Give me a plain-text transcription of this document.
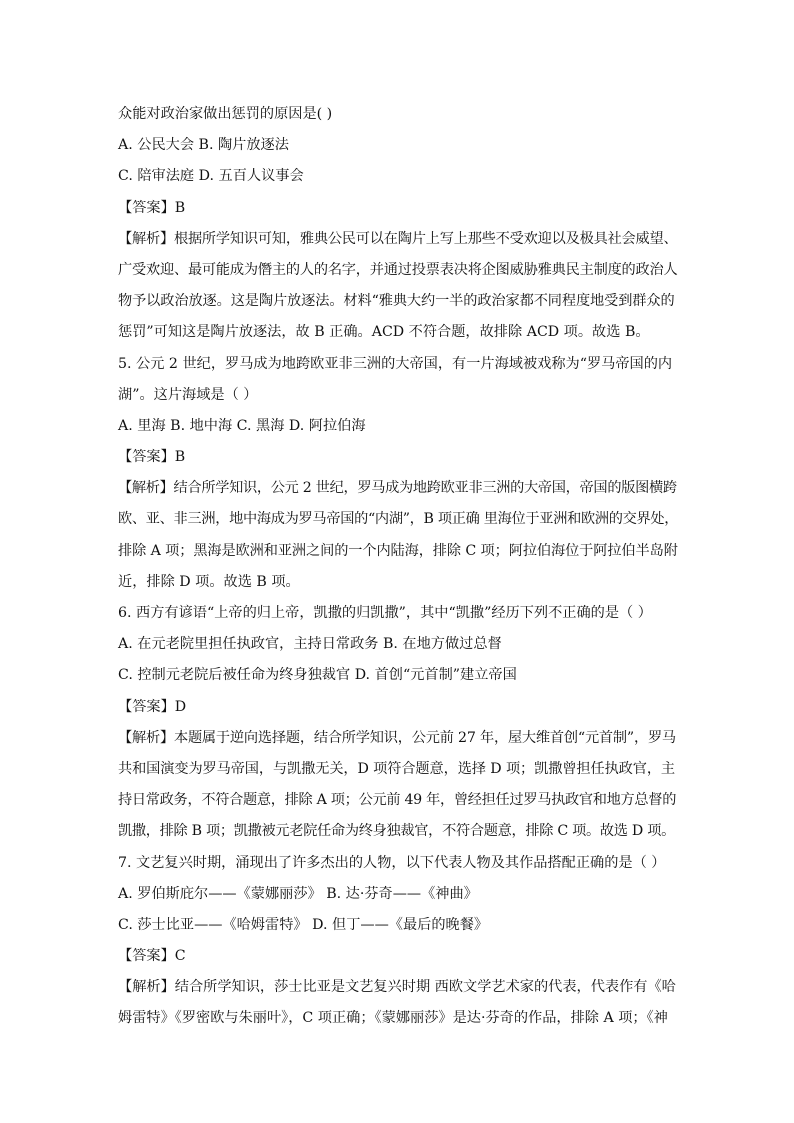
众能对政治家做出惩罚的原因是( )
A. 公民大会 B. 陶片放逐法
C. 陪审法庭 D. 五百人议事会
【答案】B
【解析】根据所学知识可知，雅典公民可以在陶片上写上那些不受欢迎以及极具社会威望、
广受欢迎、最可能成为僭主的人的名字，并通过投票表决将企图威胁雅典民主制度的政治人
物予以政治放逐。这是陶片放逐法。材料“雅典大约一半的政治家都不同程度地受到群众的
惩罚”可知这是陶片放逐法，故 B 正确。ACD 不符合题，故排除 ACD 项。故选 B。
5. 公元 2 世纪，罗马成为地跨欧亚非三洲的大帝国，有一片海域被戏称为“罗马帝国的内
湖”。这片海域是（ ）
A. 里海 B. 地中海 C. 黑海 D. 阿拉伯海
【答案】B
【解析】结合所学知识，公元 2 世纪，罗马成为地跨欧亚非三洲的大帝国，帝国的版图横跨
欧、亚、非三洲，地中海成为罗马帝国的“内湖”，B 项正确 里海位于亚洲和欧洲的交界处，
排除 A 项；黑海是欧洲和亚洲之间的一个内陆海，排除 C 项；阿拉伯海位于阿拉伯半岛附
近，排除 D 项。故选 B 项。
6. 西方有谚语“上帝的归上帝，凯撒的归凯撒”，其中“凯撒”经历下列不正确的是（ ）
A. 在元老院里担任执政官，主持日常政务 B. 在地方做过总督
C. 控制元老院后被任命为终身独裁官 D. 首创“元首制”建立帝国
【答案】D
【解析】本题属于逆向选择题，结合所学知识，公元前 27 年，屋大维首创“元首制”，罗马
共和国演变为罗马帝国，与凯撒无关，D 项符合题意，选择 D 项；凯撒曾担任执政官，主
持日常政务，不符合题意，排除 A 项；公元前 49 年，曾经担任过罗马执政官和地方总督的
凯撒，排除 B 项；凯撒被元老院任命为终身独裁官，不符合题意，排除 C 项。故选 D 项。
7. 文艺复兴时期，涌现出了许多杰出的人物，以下代表人物及其作品搭配正确的是（ ）
A. 罗伯斯庇尔——《蒙娜丽莎》 B. 达·芬奇——《神曲》
C. 莎士比亚——《哈姆雷特》 D. 但丁——《最后的晚餐》
【答案】C
【解析】结合所学知识，莎士比亚是文艺复兴时期 西欧文学艺术家的代表，代表作有《哈
姆雷特》《罗密欧与朱丽叶》，C 项正确；《蒙娜丽莎》是达·芬奇的作品，排除 A 项；《神
